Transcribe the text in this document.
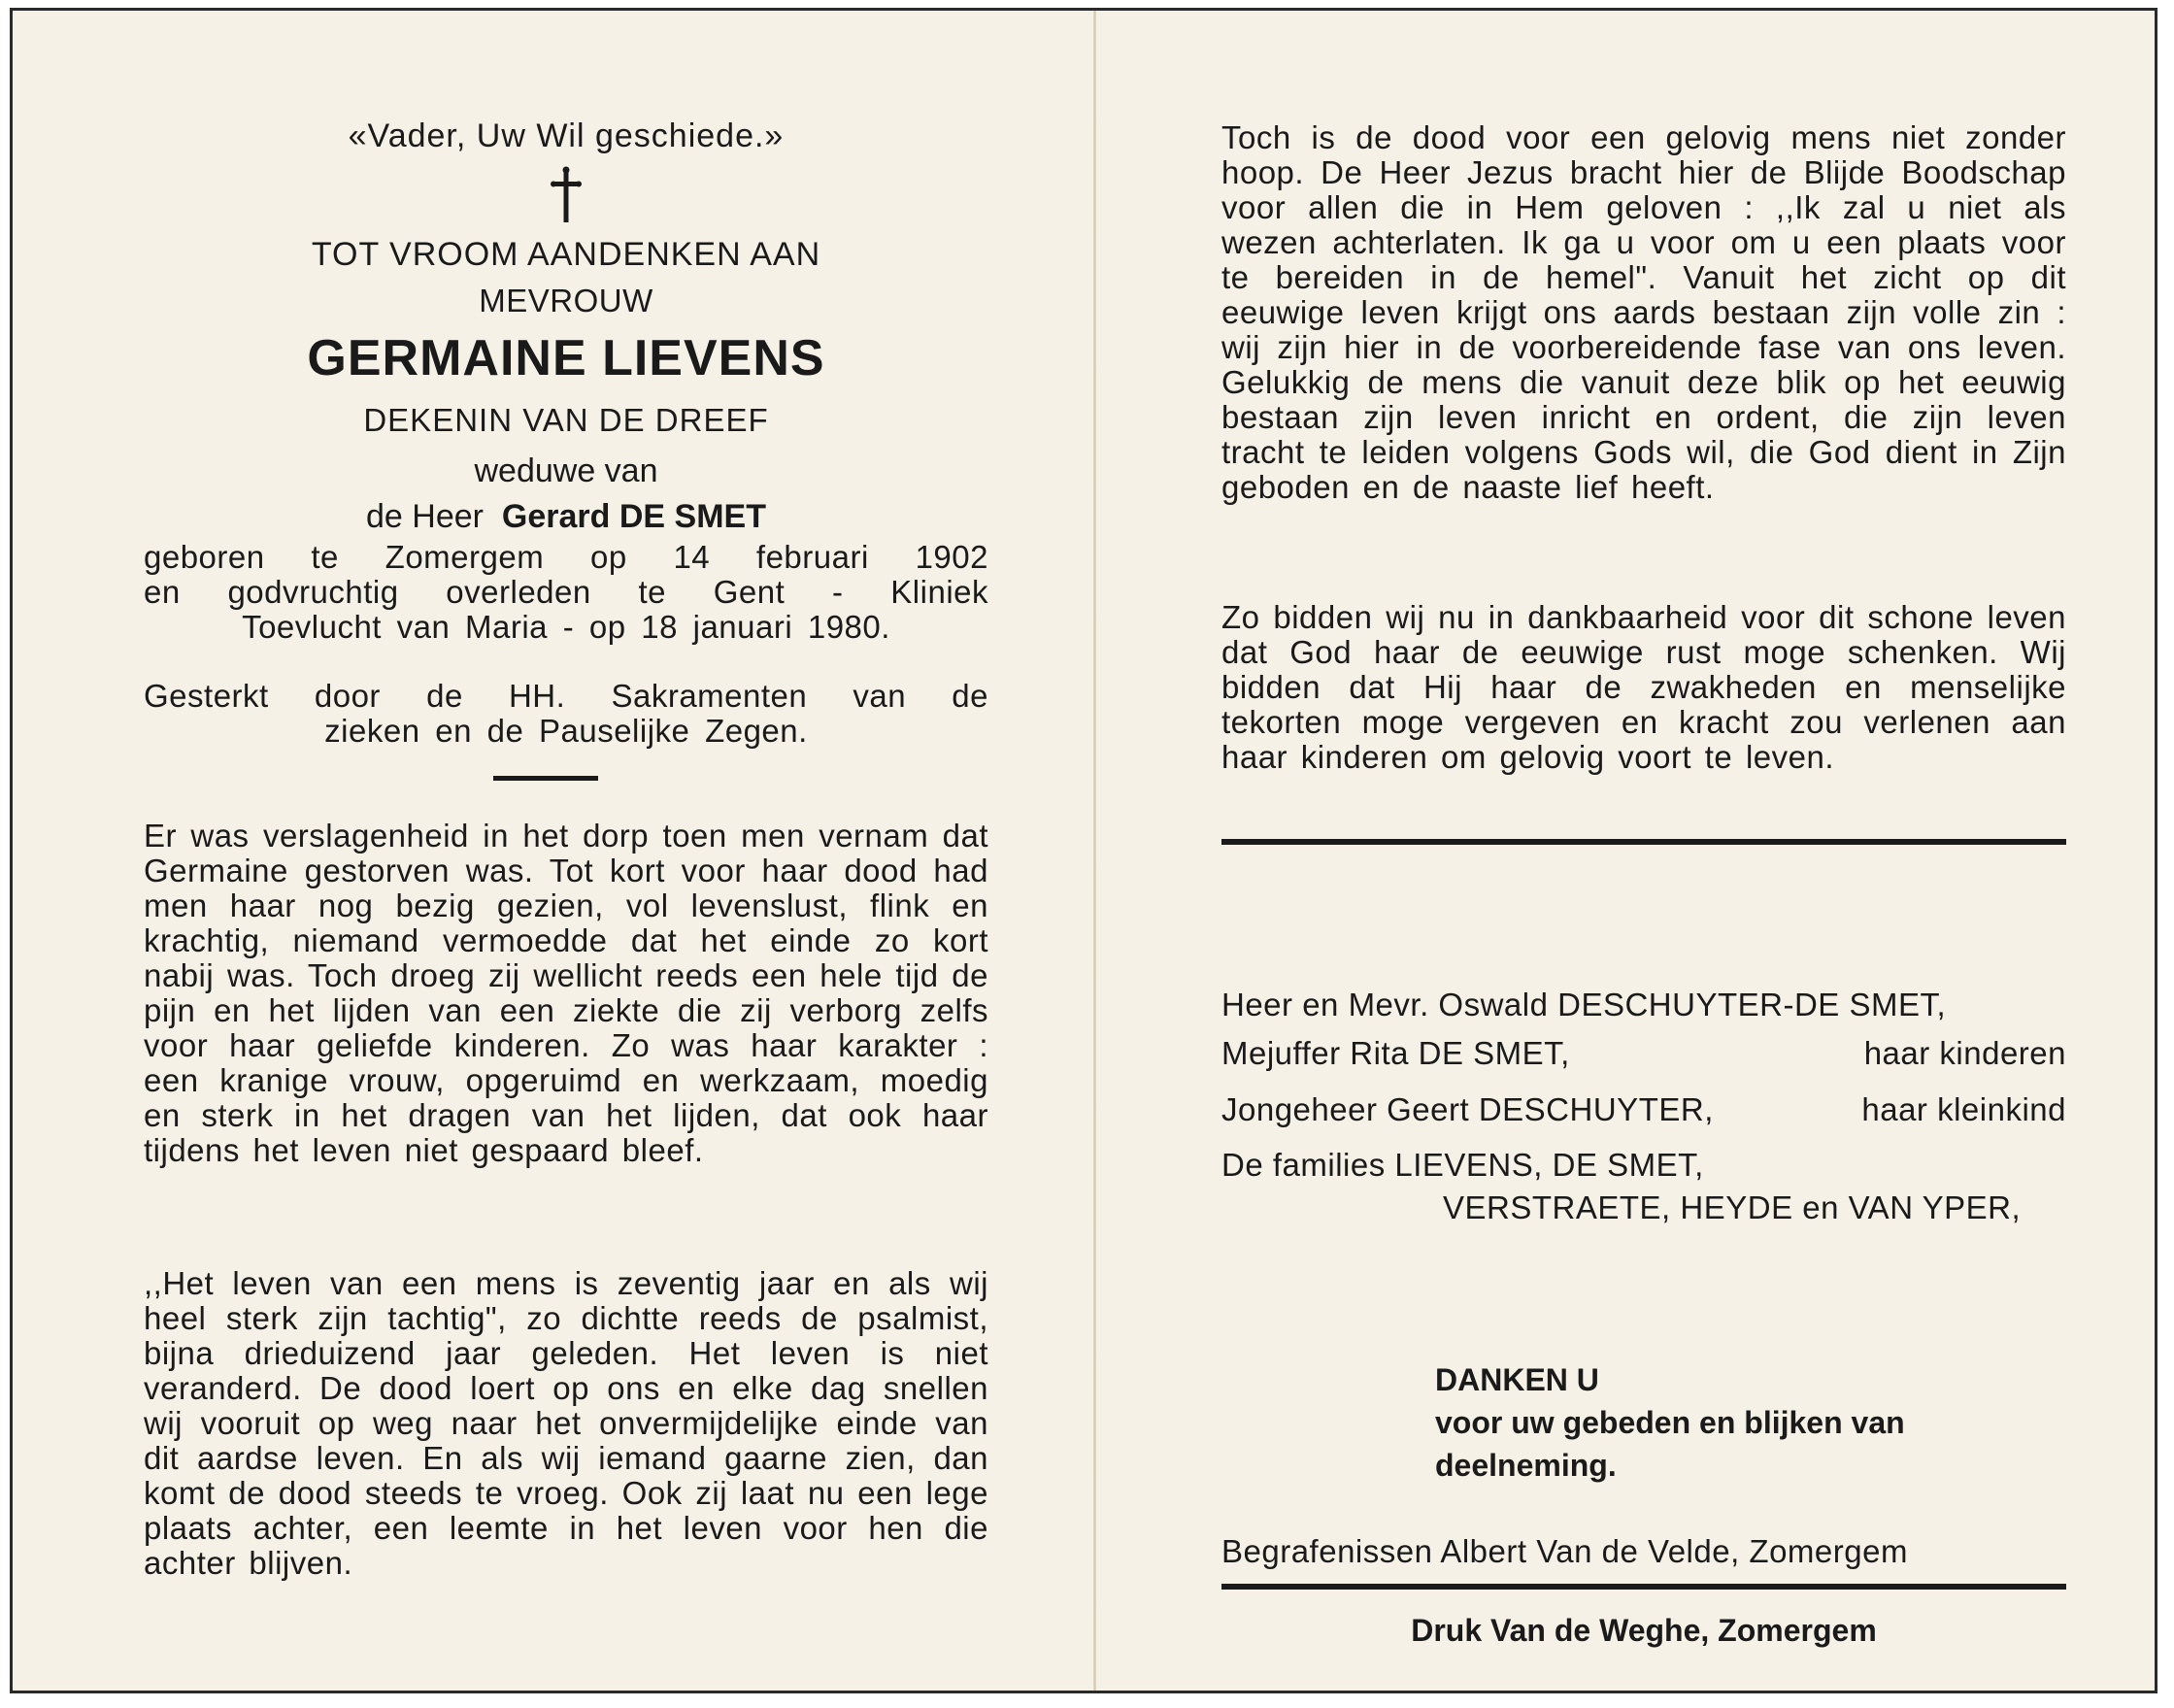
«Vader, Uw Wil geschiede.»
TOT VROOM AANDENKEN AAN
MEVROUW
GERMAINE LIEVENS
DEKENIN VAN DE DREEF
weduwe van
de Heer Gerard DE SMET
geboren te Zomergem op 14 februari 1902
en godvruchtig overleden te Gent - Kliniek
Toevlucht van Maria - op 18 januari 1980.
Gesterkt door de HH. Sakramenten van de
zieken en de Pauselijke Zegen.
Er was verslagenheid in het dorp toen men vernam dat Germaine gestorven was. Tot kort voor haar dood had men haar nog bezig gezien, vol levenslust, flink en krachtig, niemand vermoedde dat het einde zo kort nabij was. Toch droeg zij wellicht reeds een hele tijd de pijn en het lijden van een ziekte die zij verborg zelfs voor haar geliefde kinderen. Zo was haar karakter : een kranige vrouw, opgeruimd en werkzaam, moedig en sterk in het dragen van het lijden, dat ook haar tijdens het leven niet gespaard bleef.
,,Het leven van een mens is zeventig jaar en als wij heel sterk zijn tachtig", zo dichtte reeds de psalmist, bijna drieduizend jaar geleden. Het leven is niet veranderd. De dood loert op ons en elke dag snellen wij vooruit op weg naar het onvermijdelijke einde van dit aardse leven. En als wij iemand gaarne zien, dan komt de dood steeds te vroeg. Ook zij laat nu een lege plaats achter, een leemte in het leven voor hen die achter blijven.
Toch is de dood voor een gelovig mens niet zonder hoop. De Heer Jezus bracht hier de Blijde Boodschap voor allen die in Hem geloven : ,,Ik zal u niet als wezen achterlaten. Ik ga u voor om u een plaats voor te bereiden in de hemel". Vanuit het zicht op dit eeuwige leven krijgt ons aards bestaan zijn volle zin : wij zijn hier in de voorbereidende fase van ons leven. Gelukkig de mens die vanuit deze blik op het eeuwig bestaan zijn leven inricht en ordent, die zijn leven tracht te leiden volgens Gods wil, die God dient in Zijn geboden en de naaste lief heeft.
Zo bidden wij nu in dankbaarheid voor dit schone leven dat God haar de eeuwige rust moge schenken. Wij bidden dat Hij haar de zwakheden en menselijke tekorten moge vergeven en kracht zou verlenen aan haar kinderen om gelovig voort te leven.
Heer en Mevr. Oswald DESCHUYTER-DE SMET,
Mejuffer Rita DE SMET,	haar kinderen
Jongeheer Geert DESCHUYTER,	haar kleinkind
De families LIEVENS, DE SMET,
VERSTRAETE, HEYDE en VAN YPER,
DANKEN U
voor uw gebeden en blijken van
deelneming.
Begrafenissen Albert Van de Velde, Zomergem
Druk Van de Weghe, Zomergem
